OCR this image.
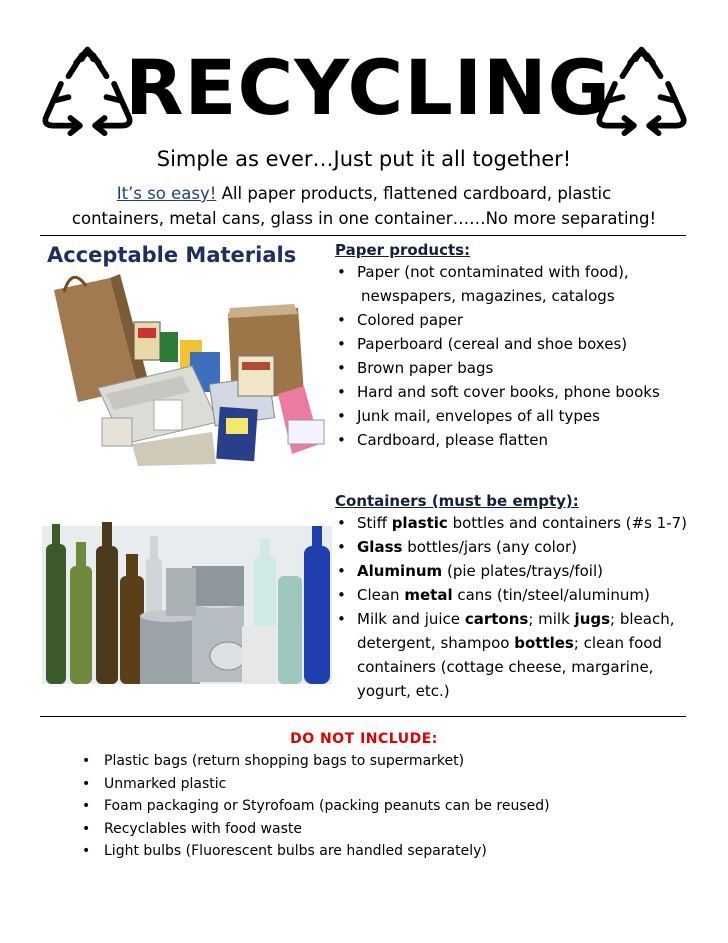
RECYCLING
Simple as ever…Just put it all together!
It’s so easy! All paper products, flattened cardboard, plastic
containers, metal cans, glass in one container……No more separating!
Acceptable Materials	Paper products:
• Paper (not contaminated with food),
newspapers, magazines, catalogs
• Colored paper
• Paperboard (cereal and shoe boxes)
• Brown paper bags
• Hard and soft cover books, phone books
• Junk mail, envelopes of all types
• Cardboard, please flatten
Containers (must be empty):
• Stiff plastic bottles and containers (#s 1-7)
• Glass bottles/jars (any color)
• Aluminum (pie plates/trays/foil)
• Clean metal cans (tin/steel/aluminum)
• Milk and juice cartons; milk jugs; bleach,
detergent, shampoo bottles; clean food
containers (cottage cheese, margarine,
yogurt, etc.)
DO NOT INCLUDE:
• Plastic bags (return shopping bags to supermarket)
• Unmarked plastic
• Foam packaging or Styrofoam (packing peanuts can be reused)
• Recyclables with food waste
• Light bulbs (Fluorescent bulbs are handled separately)
